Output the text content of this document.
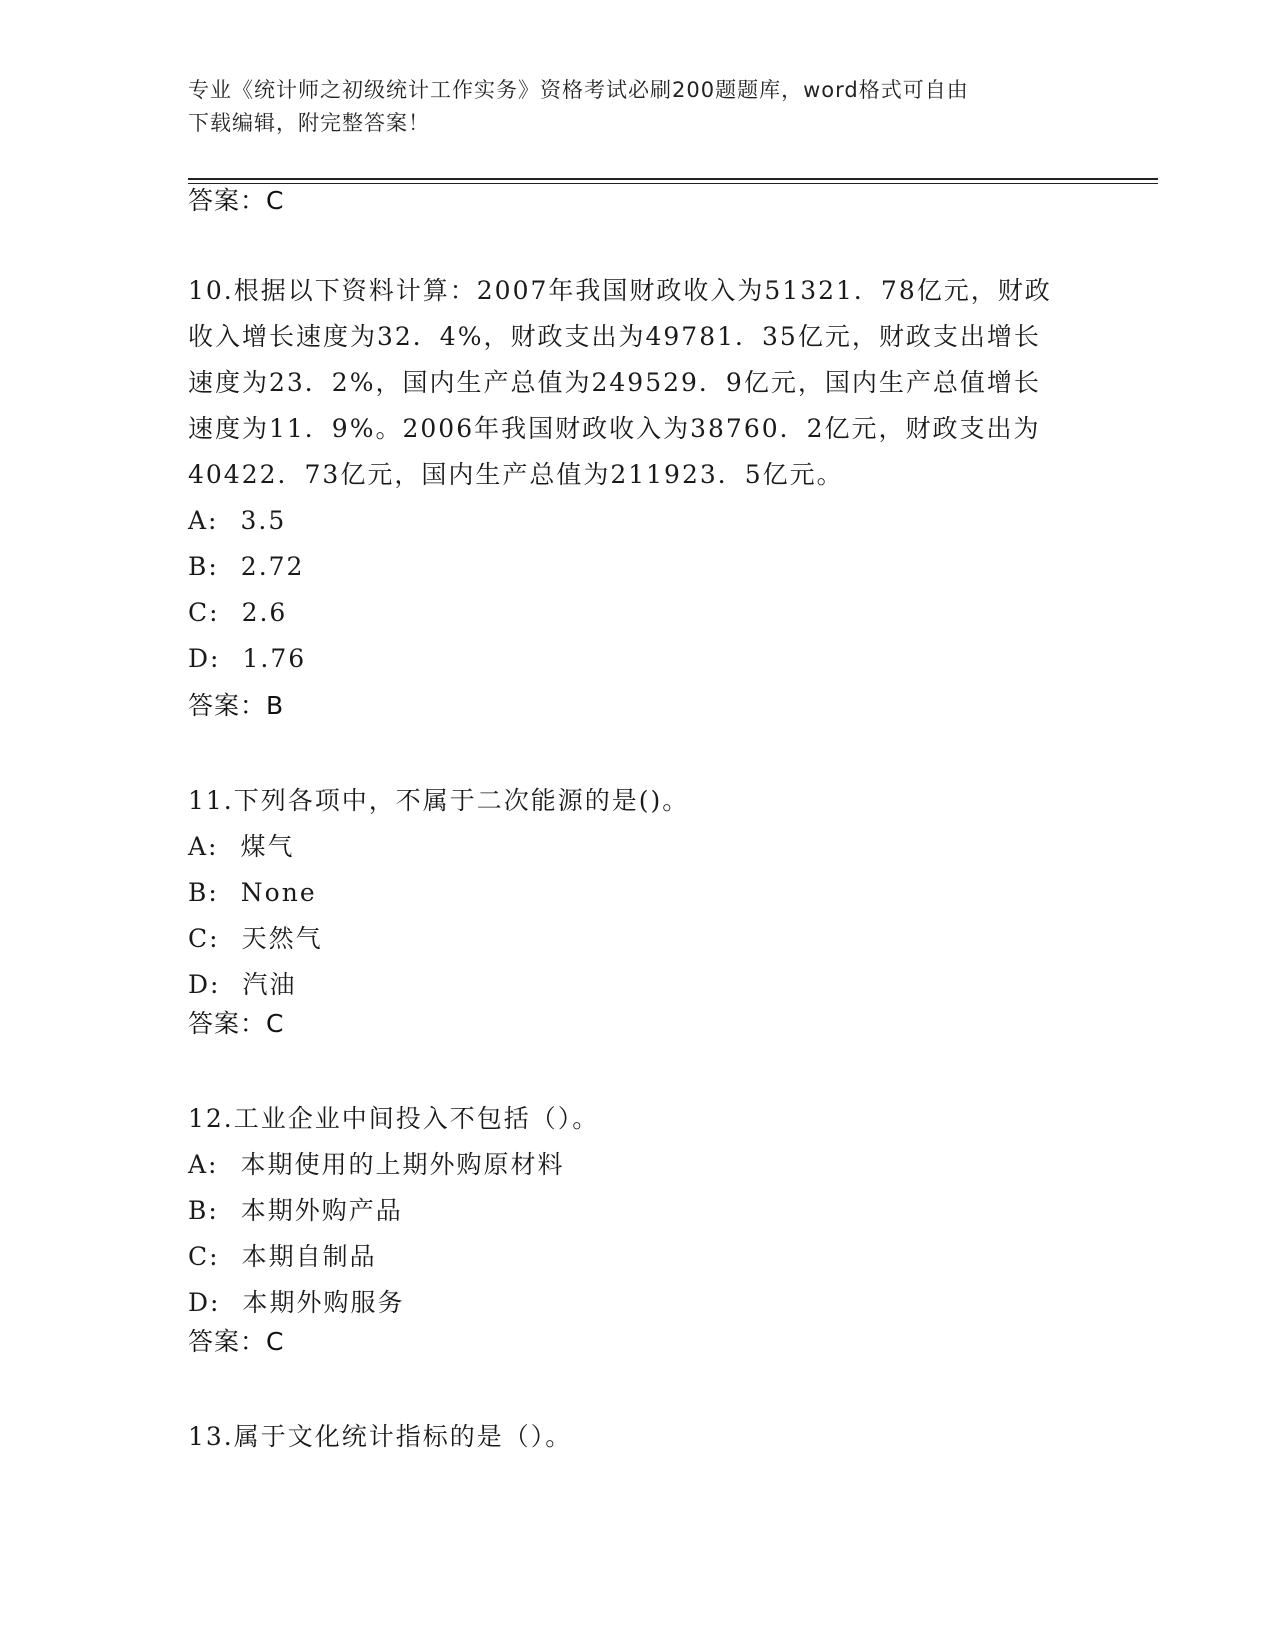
专业《统计师之初级统计工作实务》资格考试必刷200题题库，word格式可自由
下载编辑，附完整答案！
答案：C

10.根据以下资料计算：2007年我国财政收入为51321．78亿元，财政

收入增长速度为32．4%，财政支出为49781．35亿元，财政支出增长

速度为23．2%，国内生产总值为249529．9亿元，国内生产总值增长

速度为11．9%。2006年我国财政收入为38760．2亿元，财政支出为

40422．73亿元，国内生产总值为211923．5亿元。

A: 3.5

B: 2.72

C: 2.6

D: 1.76

答案：B

11.下列各项中，不属于二次能源的是()。

A: 煤气

B: None

C: 天然气

D: 汽油

答案：C

12.工业企业中间投入不包括（）。

A: 本期使用的上期外购原材料

B: 本期外购产品

C: 本期自制品

D: 本期外购服务

答案：C

13.属于文化统计指标的是（）。
